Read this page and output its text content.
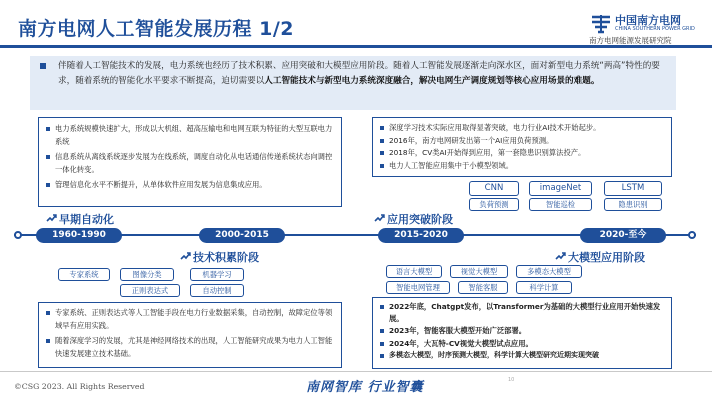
南方电网人工智能发展历程 1/2	中国南方电网
CHINA SOUTHERN POWER GRID
南方电网能源发展研究院
伴随着人工智能技术的发展，电力系统也经历了技术积累、应用突破和大模型应用阶段。随着人工智能发展逐渐走向深水区，面对新型电力系统“两高”特性的要求，随着系统的智能化水平要求不断提高，迫切需要以人工智能技术与新型电力系统深度融合，解决电网生产调度规划等核心应用场景的难题。
电力系统规模快速扩大，形成以大机组、超高压输电和电网互联为特征的大型互联电力系统
信息系统从离线系统逐步发展为在线系统，调度自动化从电话通信传递系统状态向调控一体化转变。
管理信息化水平不断提升，从单体软件应用发展为信息集成应用。
深度学习技术实际应用取得显著突破，电力行业AI技术开始起步。
2016年，南方电网研发出第一个AI应用负荷预测。
2018年，CV类AI开始得到应用，第一套隐患识别算法投产。
电力人工智能应用集中于小模型领域。
CNN	imageNet	LSTM
负荷预测	智能巡检	隐患识别
1960-1990	2000-2015	2015-2020	2020-至今
早期自动化
技术积累阶段
应用突破阶段
大模型应用阶段
专家系统	图像分类	机器学习
正则表达式	自动控制
语言大模型	视觉大模型	多模态大模型
智能电网管理	智能客服	科学计算
专家系统、正则表达式等人工智能手段在电力行业数据采集，自动控制，故障定位等领域早有应用实践。
随着深度学习的发展，尤其是神经网络技术的出现，人工智能研究成果为电力人工智能快速发展建立技术基础。
2022年底，Chatgpt发布，以Transformer为基础的大模型行业应用开始快速发展。
2023年，智能客服大模型开始广泛部署。
2024年，大瓦特-CV视觉大模型试点应用。
多模态大模型，时序预测大模型，科学计算大模型研究近期实现突破
©CSG 2023. All Rights Reserved	南网智库 行业智囊	10
